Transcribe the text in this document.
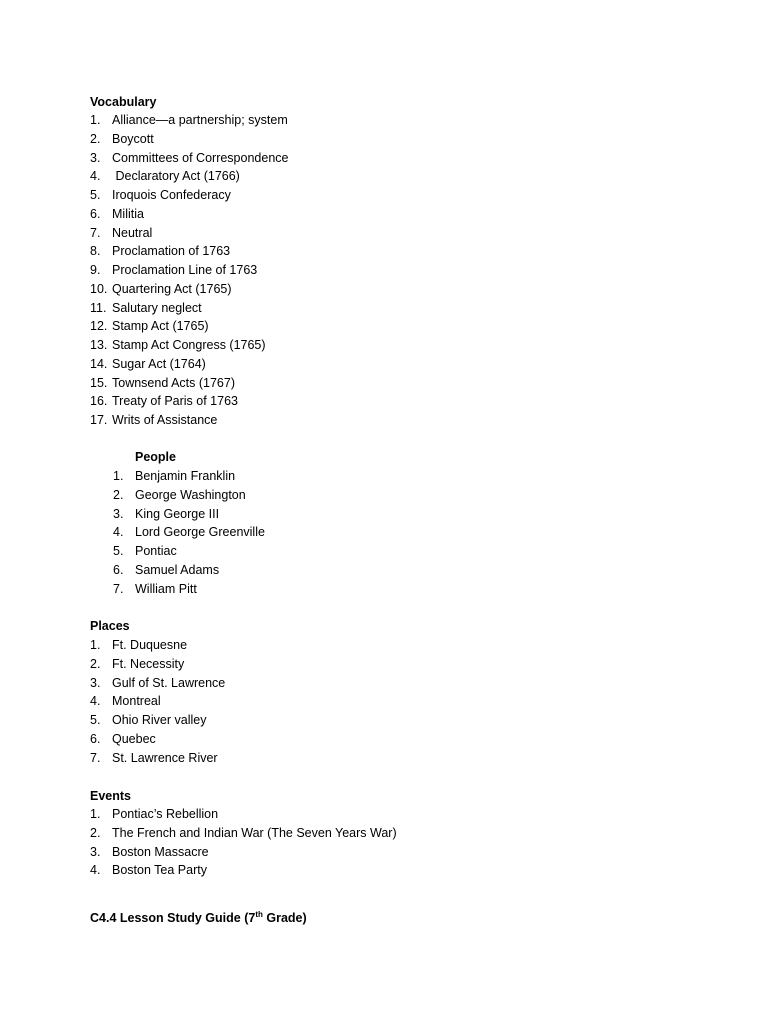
Vocabulary
1. Alliance—a partnership; system
2. Boycott
3. Committees of Correspondence
4. Declaratory Act (1766)
5. Iroquois Confederacy
6. Militia
7. Neutral
8. Proclamation of 1763
9. Proclamation Line of 1763
10. Quartering Act (1765)
11. Salutary neglect
12. Stamp Act (1765)
13. Stamp Act Congress (1765)
14. Sugar Act (1764)
15. Townsend Acts (1767)
16. Treaty of Paris of 1763
17. Writs of Assistance
People
1. Benjamin Franklin
2. George Washington
3. King George III
4. Lord George Greenville
5. Pontiac
6. Samuel Adams
7. William Pitt
Places
1. Ft. Duquesne
2. Ft. Necessity
3. Gulf of St. Lawrence
4. Montreal
5. Ohio River valley
6. Quebec
7. St. Lawrence River
Events
1. Pontiac’s Rebellion
2. The French and Indian War (The Seven Years War)
3. Boston Massacre
4. Boston Tea Party
C4.4 Lesson Study Guide (7th Grade)
